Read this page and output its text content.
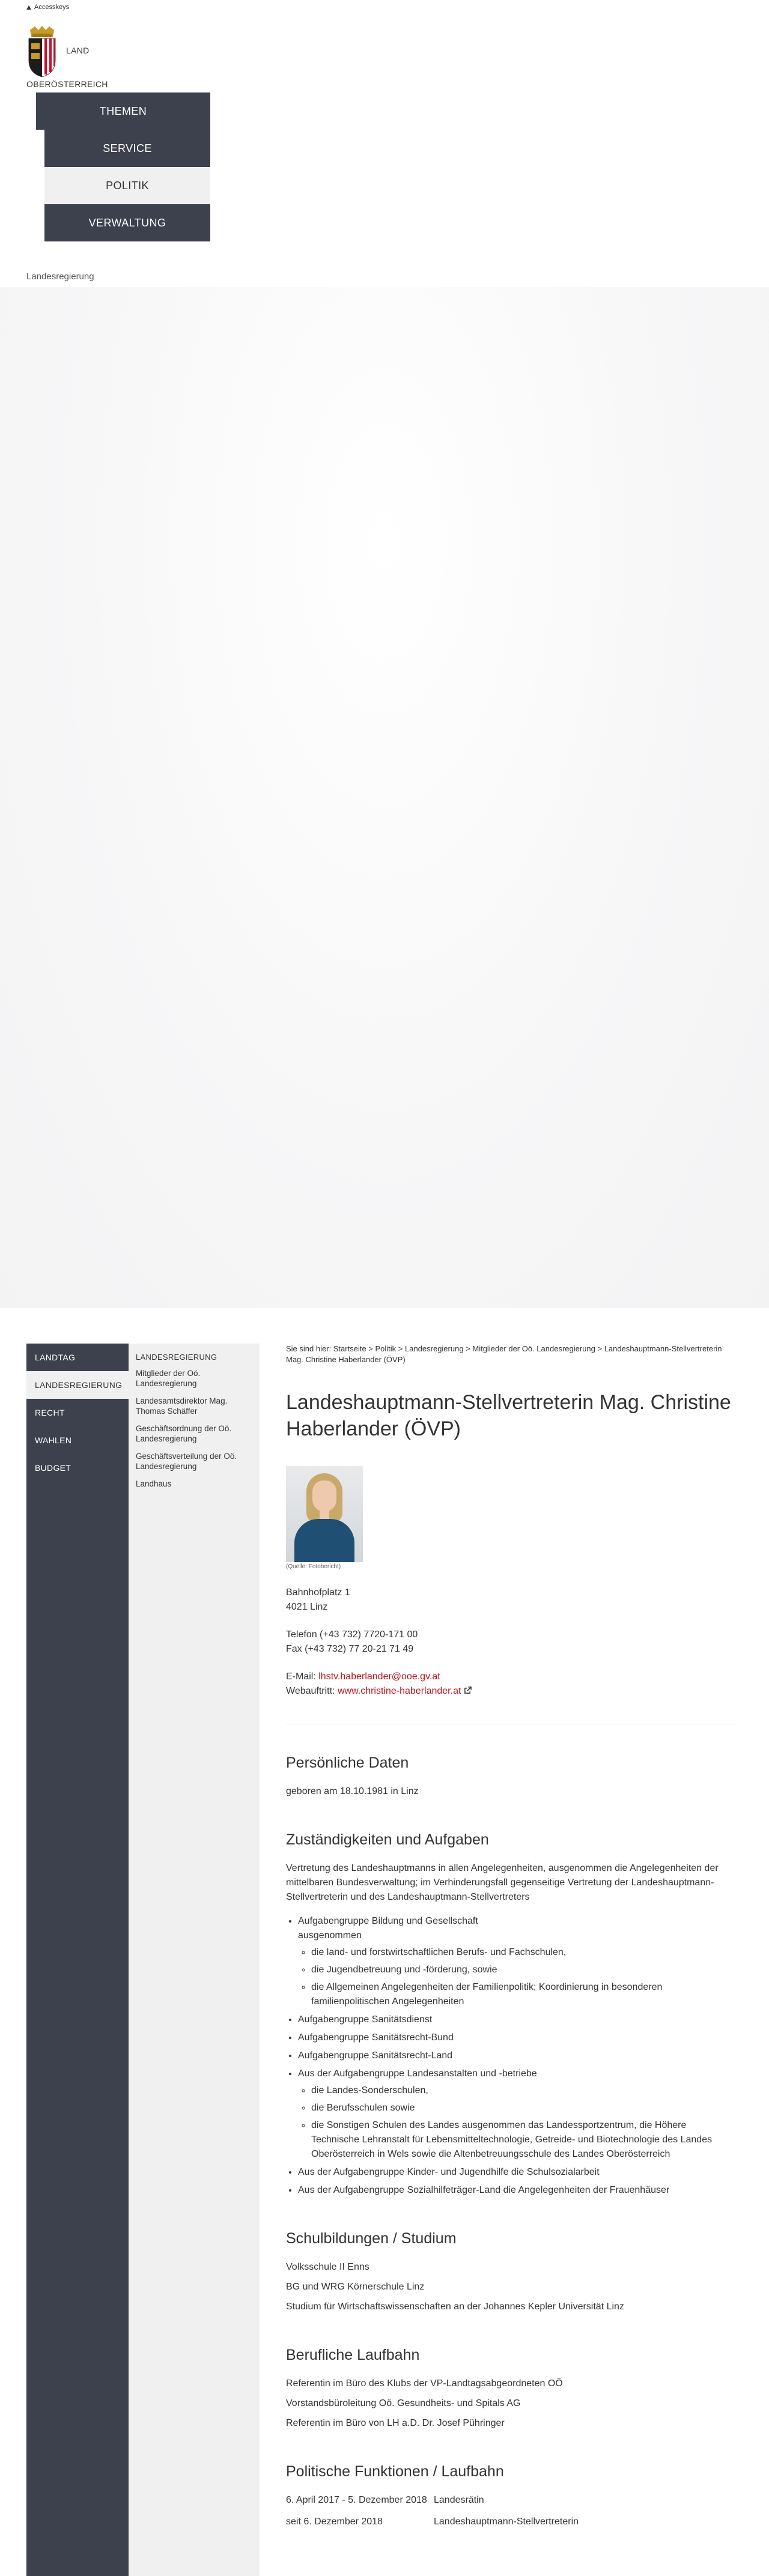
Accesskeys
LAND
OBERÖSTERREICH
THEMEN
SERVICE
POLITIK
VERWALTUNG
Landesregierung
LANDTAG
LANDESREGIERUNG
RECHT
WAHLEN
BUDGET
LANDESREGIERUNG
Mitglieder der Oö. Landesregierung
Landesamtsdirektor Mag. Thomas Schäffer
Geschäftsordnung der Oö. Landesregierung
Geschäftsverteilung der Oö. Landesregierung
Landhaus
Sie sind hier: Startseite > Politik > Landesregierung > Mitglieder der Oö. Landesregierung > Landeshauptmann-Stellvertreterin Mag. Christine Haberlander (ÖVP)
Landeshauptmann-Stellvertreterin Mag. Christine Haberlander (ÖVP)
(Quelle: Fotobericht)

Bahnhofplatz 1

4021 Linz

Telefon (+43 732) 7720-171 00

Fax (+43 732) 77 20-21 71 49

E-Mail: lhstv.haberlander@ooe.gv.at

Webauftritt: www.christine-haberlander.at

Persönliche Daten

geboren am 18.10.1981 in Linz

Zuständigkeiten und Aufgaben

Vertretung des Landeshauptmanns in allen Angelegenheiten, ausgenommen die Angelegenheiten der mittelbaren Bundesverwaltung; im Verhinderungsfall gegenseitige Vertretung der Landeshauptmann-Stellvertreterin und des Landeshauptmann-Stellvertreters

• Aufgabengruppe Bildung und Gesellschaft
ausgenommen
◦ die land- und forstwirtschaftlichen Berufs- und Fachschulen,
◦ die Jugendbetreuung und -förderung, sowie
◦ die Allgemeinen Angelegenheiten der Familienpolitik; Koordinierung in besonderen familienpolitischen Angelegenheiten
• Aufgabengruppe Sanitätsdienst
• Aufgabengruppe Sanitätsrecht-Bund
• Aufgabengruppe Sanitätsrecht-Land
• Aus der Aufgabengruppe Landesanstalten und -betriebe
◦ die Landes-Sonderschulen,
◦ die Berufsschulen sowie
◦ die Sonstigen Schulen des Landes ausgenommen das Landessportzentrum, die Höhere Technische Lehranstalt für Lebensmitteltechnologie, Getreide- und Biotechnologie des Landes Oberösterreich in Wels sowie die Altenbetreuungsschule des Landes Oberösterreich
• Aus der Aufgabengruppe Kinder- und Jugendhilfe die Schulsozialarbeit
• Aus der Aufgabengruppe Sozialhilfeträger-Land die Angelegenheiten der Frauenhäuser
Schulbildungen / Studium

Volksschule II Enns

BG und WRG Körnerschule Linz

Studium für Wirtschaftswissenschaften an der Johannes Kepler Universität Linz

Berufliche Laufbahn

Referentin im Büro des Klubs der VP-Landtagsabgeordneten OÖ

Vorstandsbüroleitung Oö. Gesundheits- und Spitals AG

Referentin im Büro von LH a.D. Dr. Josef Pühringer

Politische Funktionen / Laufbahn
6. April 2017 - 5. Dezember 2018 Landesrätin
seit 6. Dezember 2018	Landeshauptmann-Stellvertreterin
